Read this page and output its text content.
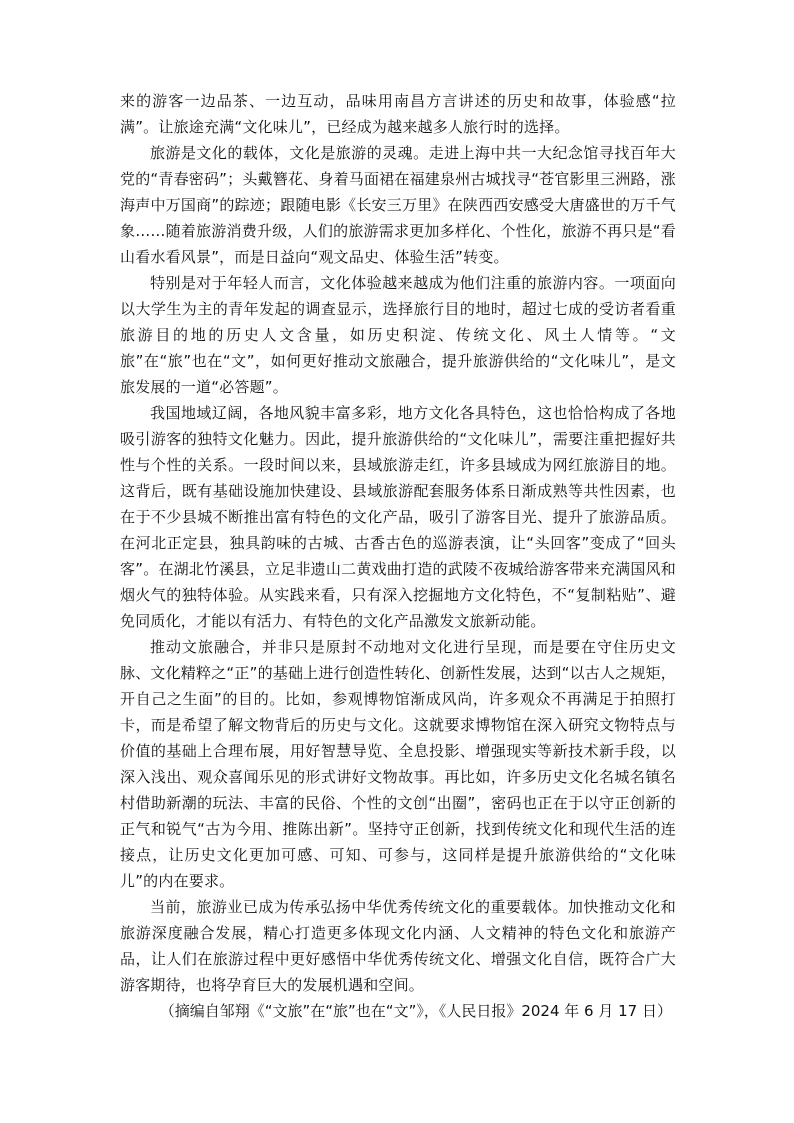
来的游客一边品茶、一边互动，品味用南昌方言讲述的历史和故事，体验感“拉满”。让旅途充满“文化味儿”，已经成为越来越多人旅行时的选择。

旅游是文化的载体，文化是旅游的灵魂。走进上海中共一大纪念馆寻找百年大党的“青春密码”；头戴簪花、身着马面裙在福建泉州古城找寻“苍官影里三洲路，涨海声中万国商”的踪迹；跟随电影《长安三万里》在陕西西安感受大唐盛世的万千气象……随着旅游消费升级，人们的旅游需求更加多样化、个性化，旅游不再只是“看山看水看风景”，而是日益向“观文品史、体验生活”转变。

特别是对于年轻人而言，文化体验越来越成为他们注重的旅游内容。一项面向以大学生为主的青年发起的调查显示，选择旅行目的地时，超过七成的受访者看重旅游目的地的历史人文含量，如历史积淀、传统文化、风土人情等。“文旅”在“旅”也在“文”，如何更好推动文旅融合，提升旅游供给的“文化味儿”，是文旅发展的一道“必答题”。

我国地域辽阔，各地风貌丰富多彩，地方文化各具特色，这也恰恰构成了各地吸引游客的独特文化魅力。因此，提升旅游供给的“文化味儿”，需要注重把握好共性与个性的关系。一段时间以来，县域旅游走红，许多县域成为网红旅游目的地。这背后，既有基础设施加快建设、县域旅游配套服务体系日渐成熟等共性因素，也在于不少县城不断推出富有特色的文化产品，吸引了游客目光、提升了旅游品质。在河北正定县，独具韵味的古城、古香古色的巡游表演，让“头回客”变成了“回头客”。在湖北竹溪县，立足非遗山二黄戏曲打造的武陵不夜城给游客带来充满国风和烟火气的独特体验。从实践来看，只有深入挖掘地方文化特色，不“复制粘贴”、避免同质化，才能以有活力、有特色的文化产品激发文旅新动能。

推动文旅融合，并非只是原封不动地对文化进行呈现，而是要在守住历史文脉、文化精粹之“正”的基础上进行创造性转化、创新性发展，达到“以古人之规矩，开自己之生面”的目的。比如，参观博物馆渐成风尚，许多观众不再满足于拍照打卡，而是希望了解文物背后的历史与文化。这就要求博物馆在深入研究文物特点与价值的基础上合理布展，用好智慧导览、全息投影、增强现实等新技术新手段，以深入浅出、观众喜闻乐见的形式讲好文物故事。再比如，许多历史文化名城名镇名村借助新潮的玩法、丰富的民俗、个性的文创“出圈”，密码也正在于以守正创新的正气和锐气“古为今用、推陈出新”。坚持守正创新，找到传统文化和现代生活的连接点，让历史文化更加可感、可知、可参与，这同样是提升旅游供给的“文化味儿”的内在要求。

当前，旅游业已成为传承弘扬中华优秀传统文化的重要载体。加快推动文化和旅游深度融合发展，精心打造更多体现文化内涵、人文精神的特色文化和旅游产品，让人们在旅游过程中更好感悟中华优秀传统文化、增强文化自信，既符合广大游客期待，也将孕育巨大的发展机遇和空间。

（摘编自邹翔《“文旅”在“旅”也在“文”》，《人民日报》2024 年 6 月 17 日）
